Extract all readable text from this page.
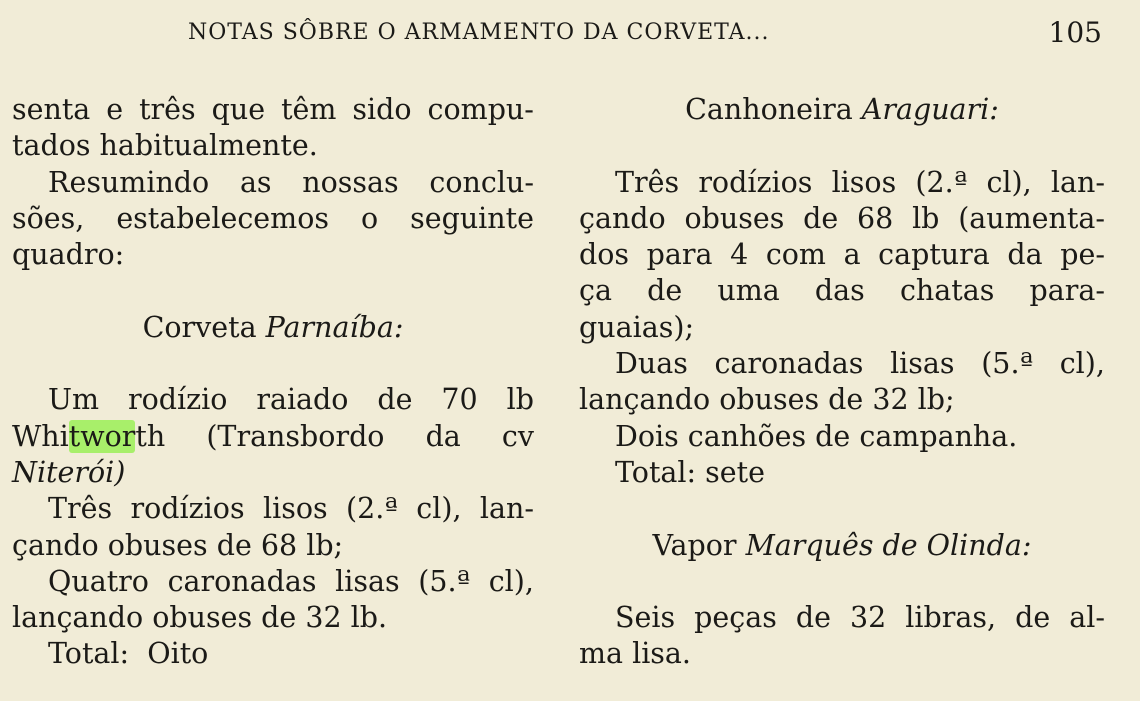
NOTAS SÔBRE O ARMAMENTO DA CORVETA...	105
senta e três que têm sido compu-
tados habitualmente.
Resumindo as nossas conclu-
sões, estabelecemos o seguinte
quadro:
Corveta Parnaíba:
Um rodízio raiado de 70 lb
Whitworth (Transbordo da cv
Niterói)
Três rodízios lisos (2.ª cl), lan-
çando obuses de 68 lb;
Quatro caronadas lisas (5.ª cl),
lançando obuses de 32 lb.
Total:  Oito
Canhoneira Araguari:
Três rodízios lisos (2.ª cl), lan-
çando obuses de 68 lb (aumenta-
dos para 4 com a captura da pe-
ça de uma das chatas para-
guaias);
Duas caronadas lisas (5.ª cl),
lançando obuses de 32 lb;
Dois canhões de campanha.
Total: sete
Vapor Marquês de Olinda:
Seis peças de 32 libras, de al-
ma lisa.
